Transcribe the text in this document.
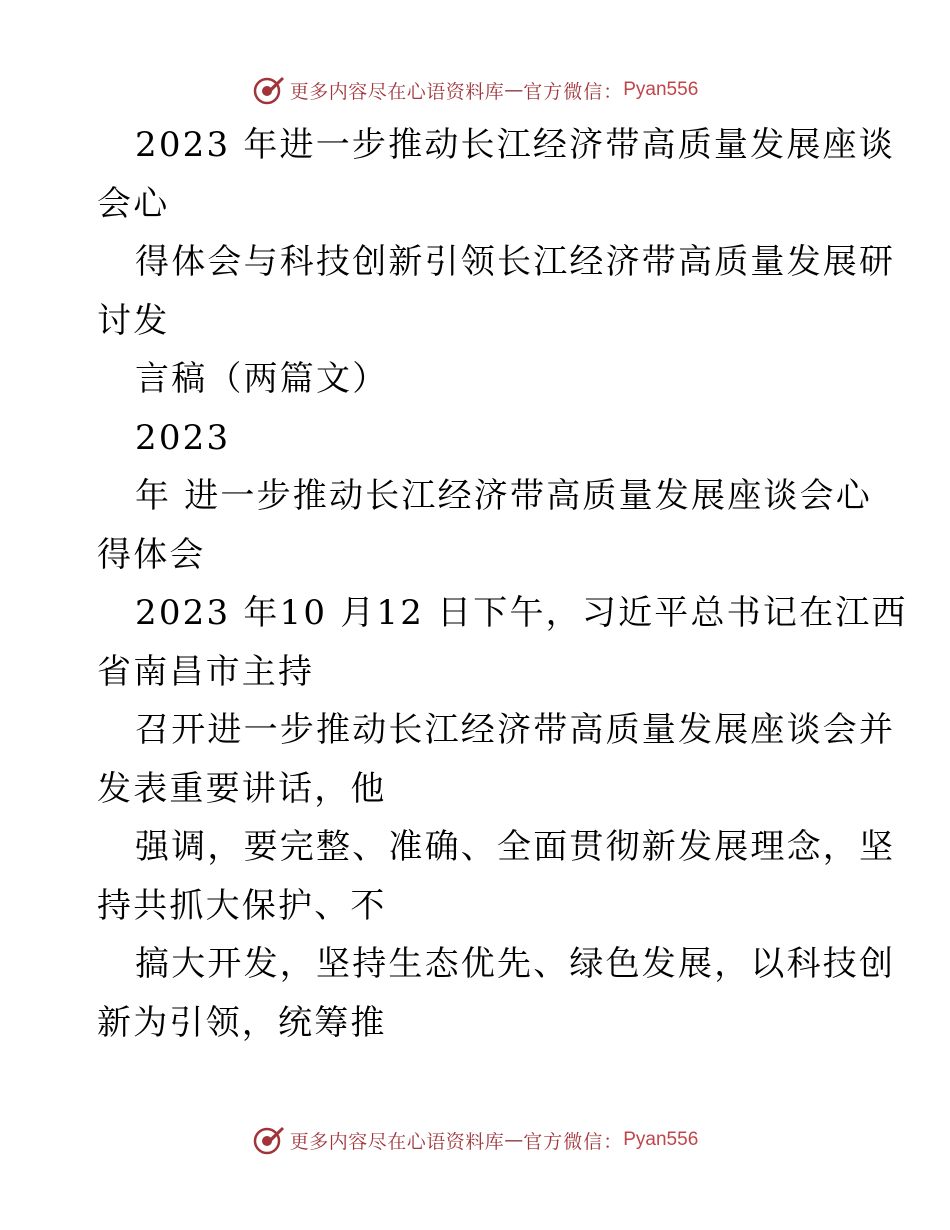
更多内容尽在心语资料库 — 官方微信： Pyan556
2023 年进一步推动长江经济带高质量发展座谈
会心
得体会与科技创新引领长江经济带高质量发展研
讨发
言稿（两篇文）
2023
年 进一步推动长江经济带高质量发展座谈会心
得体会
2023 年10 月12 日下午，习近平总书记在江西
省南昌市主持
召开进一步推动长江经济带高质量发展座谈会并
发表重要讲话，他
强调，要完整、准确、全面贯彻新发展理念，坚
持共抓大保护、不
搞大开发，坚持生态优先、绿色发展，以科技创
新为引领，统筹推
更多内容尽在心语资料库 — 官方微信： Pyan556
